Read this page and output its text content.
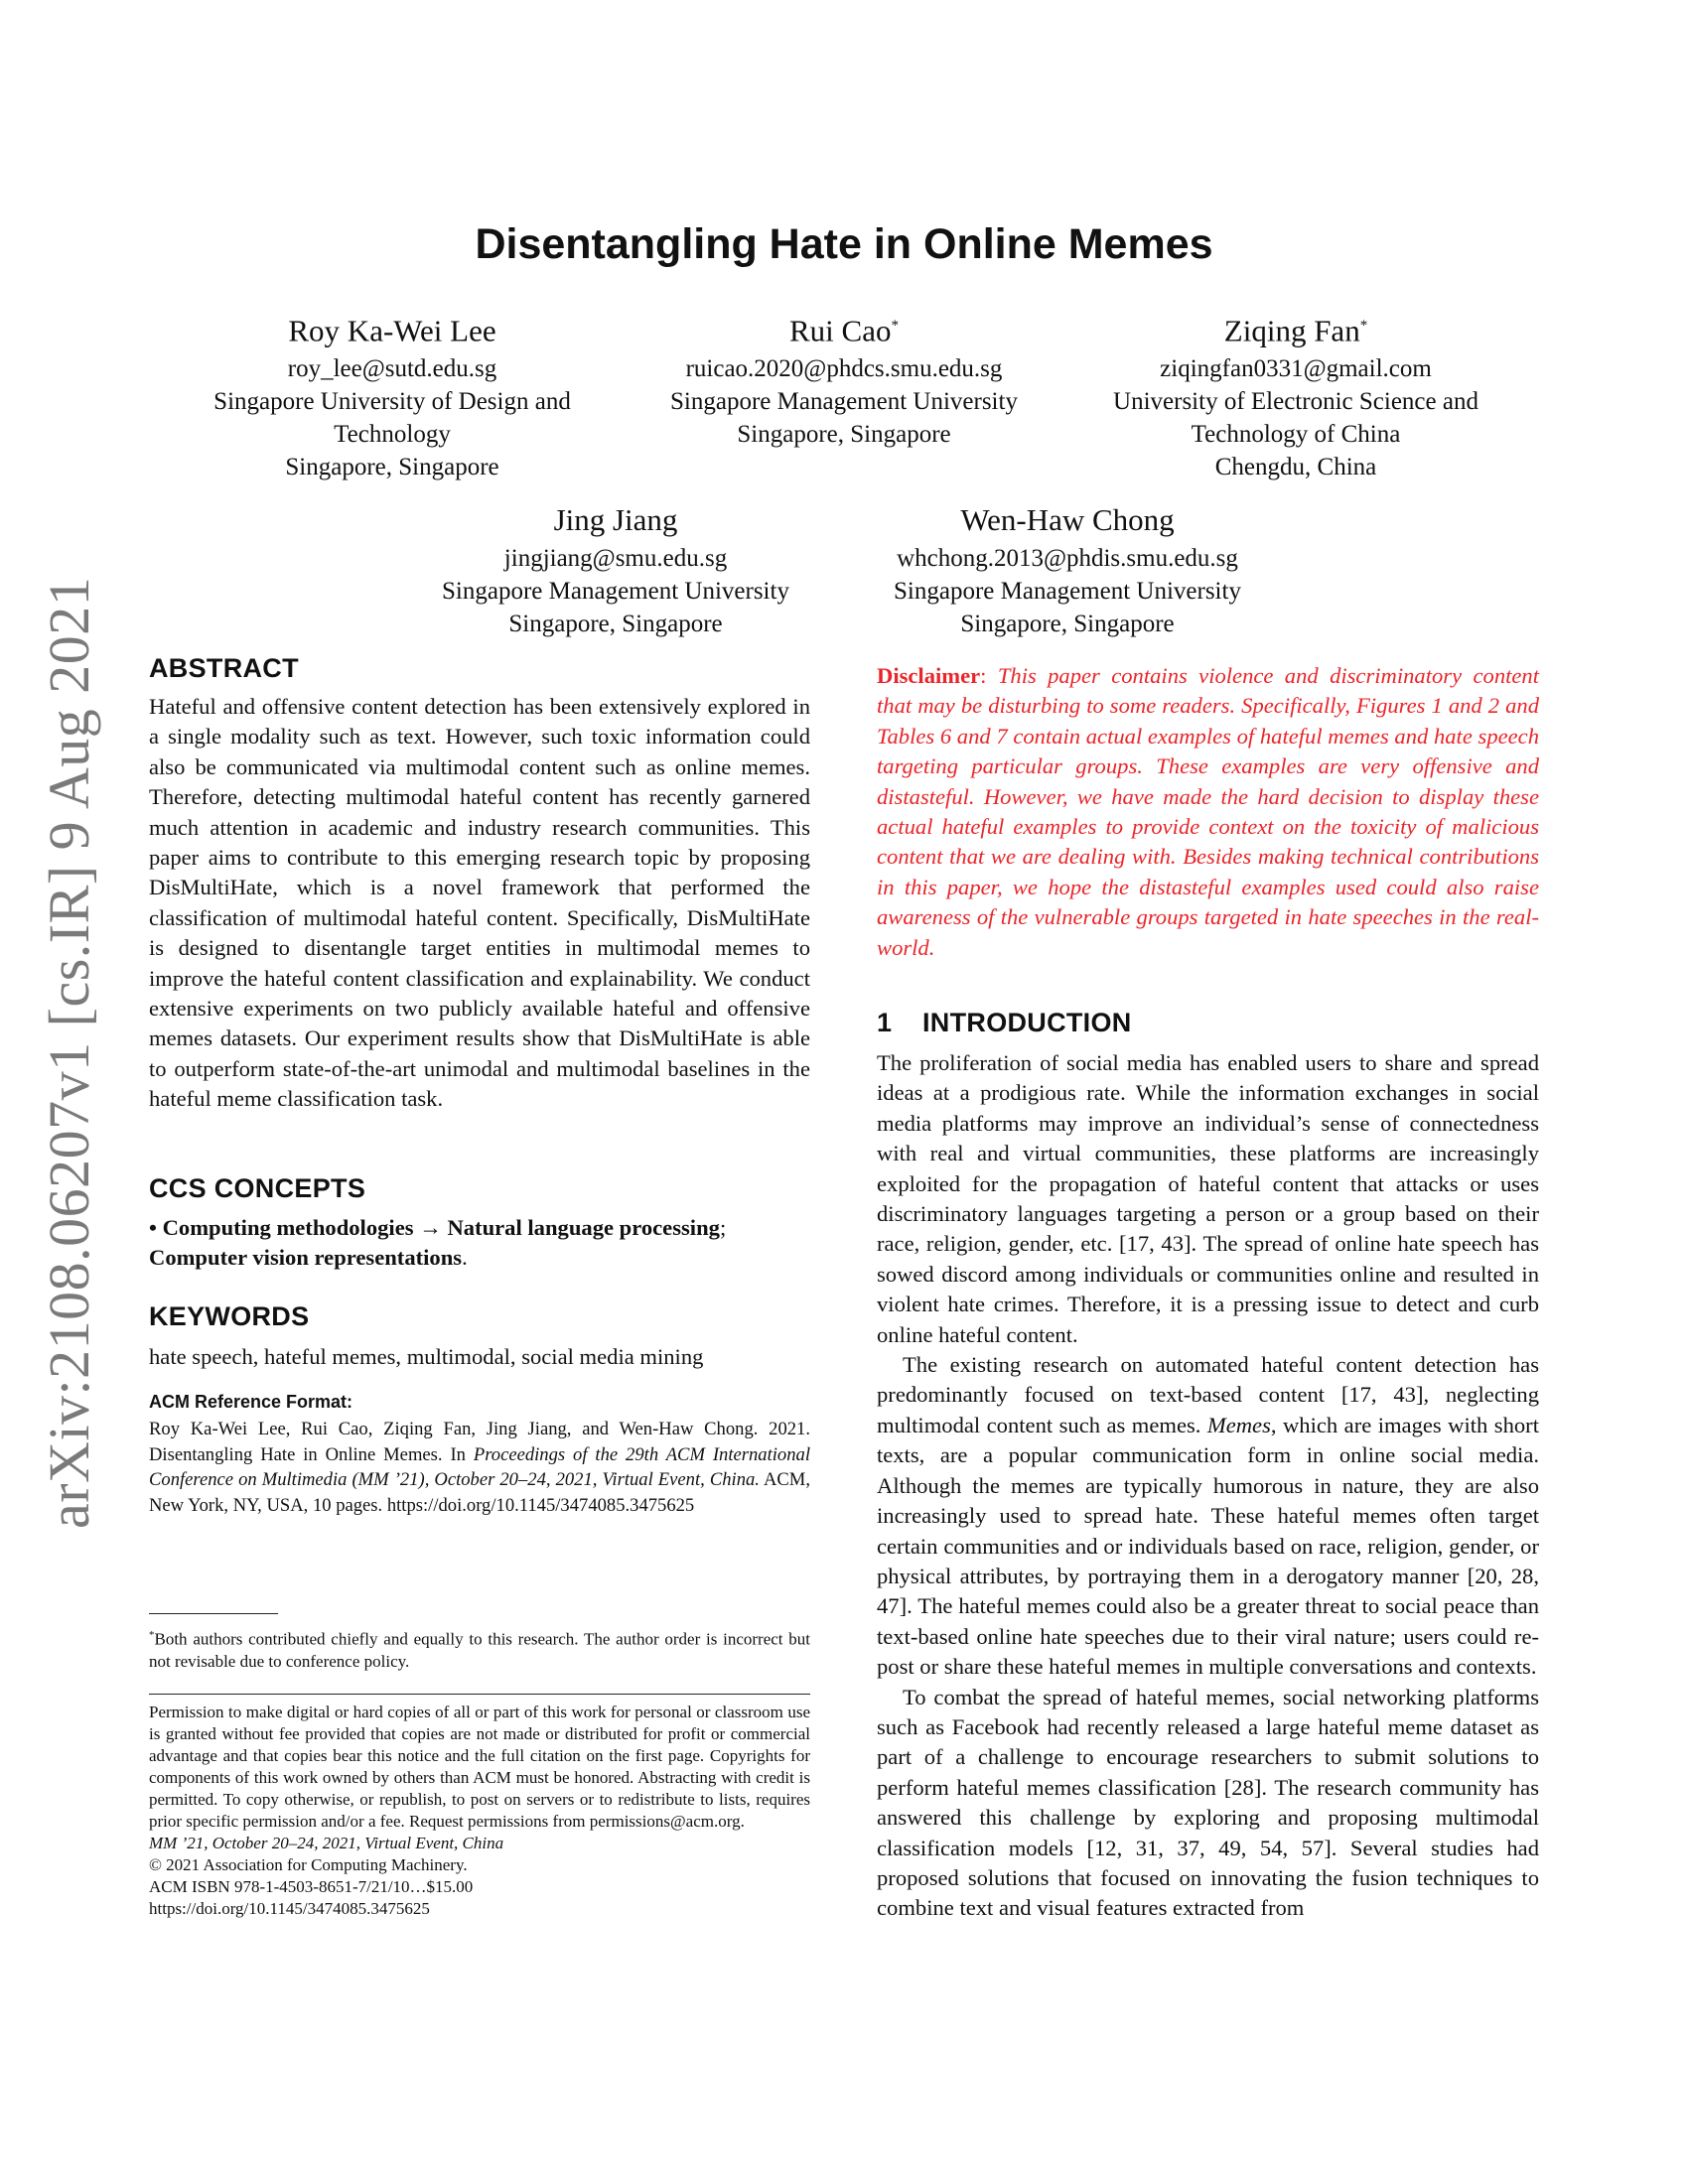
arXiv:2108.06207v1 [cs.IR] 9 Aug 2021
Disentangling Hate in Online Memes
Roy Ka-Wei Lee
roy_lee@sutd.edu.sg
Singapore University of Design and
Technology
Singapore, Singapore
Rui Cao*
ruicao.2020@phdcs.smu.edu.sg
Singapore Management University
Singapore, Singapore
Ziqing Fan*
ziqingfan0331@gmail.com
University of Electronic Science and
Technology of China
Chengdu, China
Jing Jiang
jingjiang@smu.edu.sg
Singapore Management University
Singapore, Singapore
Wen-Haw Chong
whchong.2013@phdis.smu.edu.sg
Singapore Management University
Singapore, Singapore
ABSTRACT

Hateful and offensive content detection has been extensively explored in a single modality such as text. However, such toxic information could also be communicated via multimodal content such as online memes. Therefore, detecting multimodal hateful content has recently garnered much attention in academic and industry research communities. This paper aims to contribute to this emerging research topic by proposing DisMultiHate, which is a novel framework that performed the classification of multimodal hateful content. Specifically, DisMultiHate is designed to disentangle target entities in multimodal memes to improve the hateful content classification and explainability. We conduct extensive experiments on two publicly available hateful and offensive memes datasets. Our experiment results show that DisMultiHate is able to outperform state-of-the-art unimodal and multimodal baselines in the hateful meme classification task.

CCS CONCEPTS

• Computing methodologies → Natural language processing;
Computer vision representations.

KEYWORDS

hate speech, hateful memes, multimodal, social media mining

ACM Reference Format:
Roy Ka-Wei Lee, Rui Cao, Ziqing Fan, Jing Jiang, and Wen-Haw Chong. 2021. Disentangling Hate in Online Memes. In Proceedings of the 29th ACM International Conference on Multimedia (MM ’21), October 20–24, 2021, Virtual Event, China. ACM, New York, NY, USA, 10 pages. https://doi.org/10.1145/3474085.3475625
*Both authors contributed chiefly and equally to this research. The author order is incorrect but not revisable due to conference policy.
Permission to make digital or hard copies of all or part of this work for personal or classroom use is granted without fee provided that copies are not made or distributed for profit or commercial advantage and that copies bear this notice and the full citation on the first page. Copyrights for components of this work owned by others than ACM must be honored. Abstracting with credit is permitted. To copy otherwise, or republish, to post on servers or to redistribute to lists, requires prior specific permission and/or a fee. Request permissions from permissions@acm.org.
MM ’21, October 20–24, 2021, Virtual Event, China
© 2021 Association for Computing Machinery.
ACM ISBN 978-1-4503-8651-7/21/10…$15.00
https://doi.org/10.1145/3474085.3475625

Disclaimer: This paper contains violence and discriminatory content that may be disturbing to some readers. Specifically, Figures 1 and 2 and Tables 6 and 7 contain actual examples of hateful memes and hate speech targeting particular groups. These examples are very offensive and distasteful. However, we have made the hard decision to display these actual hateful examples to provide context on the toxicity of malicious content that we are dealing with. Besides making technical contributions in this paper, we hope the distasteful examples used could also raise awareness of the vulnerable groups targeted in hate speeches in the real-world.

1 INTRODUCTION

The proliferation of social media has enabled users to share and spread ideas at a prodigious rate. While the information exchanges in social media platforms may improve an individual’s sense of connectedness with real and virtual communities, these platforms are increasingly exploited for the propagation of hateful content that attacks or uses discriminatory languages targeting a person or a group based on their race, religion, gender, etc. [17, 43]. The spread of online hate speech has sowed discord among individuals or communities online and resulted in violent hate crimes. Therefore, it is a pressing issue to detect and curb online hateful content.

The existing research on automated hateful content detection has predominantly focused on text-based content [17, 43], neglecting multimodal content such as memes. Memes, which are images with short texts, are a popular communication form in online social media. Although the memes are typically humorous in nature, they are also increasingly used to spread hate. These hateful memes often target certain communities and or individuals based on race, religion, gender, or physical attributes, by portraying them in a derogatory manner [20, 28, 47]. The hateful memes could also be a greater threat to social peace than text-based online hate speeches due to their viral nature; users could re-post or share these hateful memes in multiple conversations and contexts.

To combat the spread of hateful memes, social networking platforms such as Facebook had recently released a large hateful meme dataset as part of a challenge to encourage researchers to submit solutions to perform hateful memes classification [28]. The research community has answered this challenge by exploring and proposing multimodal classification models [12, 31, 37, 49, 54, 57]. Several studies had proposed solutions that focused on innovating the fusion techniques to combine text and visual features extracted from
